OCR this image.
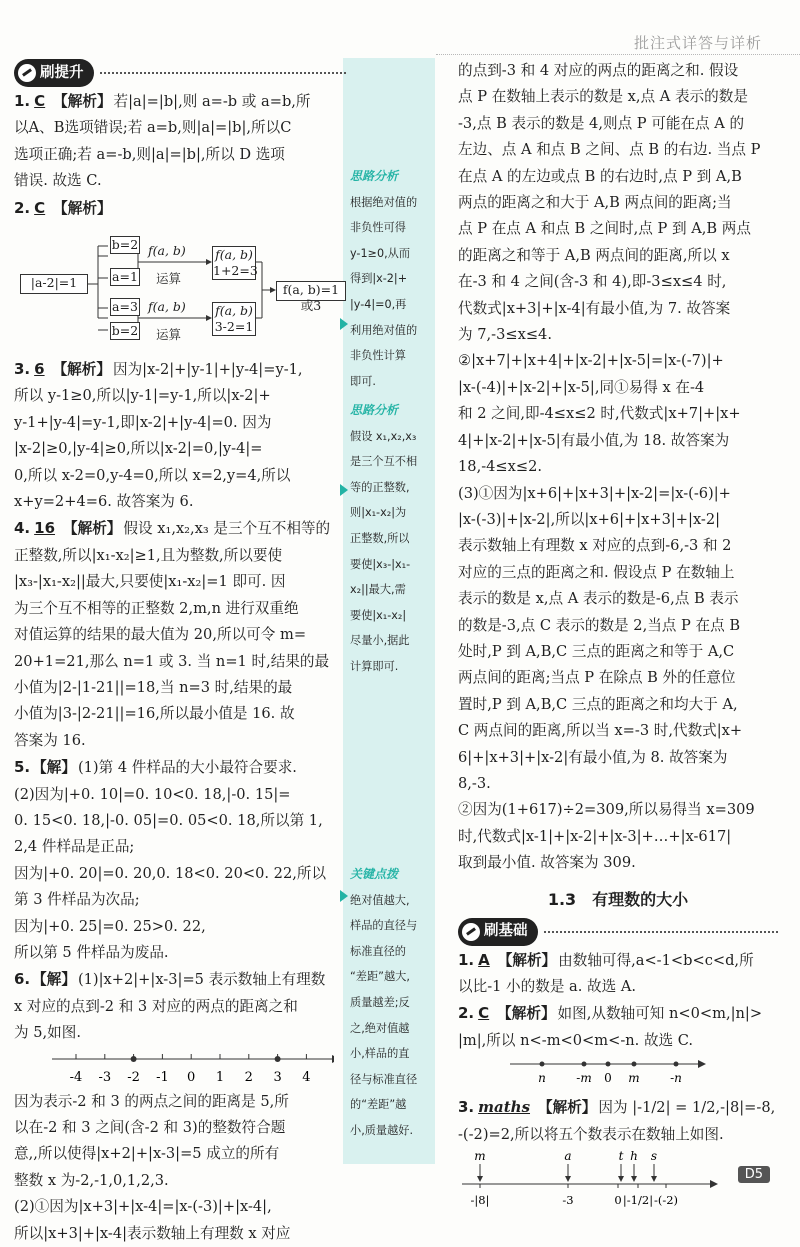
批注式详答与详析
思路分析
根据绝对值的
非负性可得
y-1≥0,从而
得到|x-2|+
|y-4|=0,再
利用绝对值的
非负性计算
即可.
思路分析
假设 x₁,x₂,x₃
是三个互不相
等的正整数,
则|x₁-x₂|为
正整数,所以
要使|x₃-|x₁-
x₂||最大,需
要使|x₁-x₂|
尽量小,据此
计算即可.
关键点拨
绝对值越大,
样品的直径与
标准直径的
“差距”越大,
质量越差;反
之,绝对值越
小,样品的直
径与标准直径
的“差距”越
小,质量越好.
刷提升
1. C 【解析】 若|a|=|b|,则 a=-b 或 a=b,所
以A、B选项错误;若 a=b,则|a|=|b|,所以C
选项正确;若 a=-b,则|a|=|b|,所以 D 选项
错误. 故选 C.
2. C 【解析】
|a-2|=1
b=2
a=1
a=3
b=2
f(a, b)
运算
f(a, b)
运算
f(a, b)
1+2=3
f(a, b)
3-2=1
f(a, b)=1或3
3. 6 【解析】 因为|x-2|+|y-1|+|y-4|=y-1,
所以 y-1≥0,所以|y-1|=y-1,所以|x-2|+
y-1+|y-4|=y-1,即|x-2|+|y-4|=0. 因为
|x-2|≥0,|y-4|≥0,所以|x-2|=0,|y-4|=
0,所以 x-2=0,y-4=0,所以 x=2,y=4,所以
x+y=2+4=6. 故答案为 6.
4. 16 【解析】 假设 x₁,x₂,x₃ 是三个互不相等的
正整数,所以|x₁-x₂|≥1,且为整数,所以要使
|x₃-|x₁-x₂||最大,只要使|x₁-x₂|=1 即可. 因
为三个互不相等的正整数 2,m,n 进行双重绝
对值运算的结果的最大值为 20,所以可令 m=
20+1=21,那么 n=1 或 3. 当 n=1 时,结果的最
小值为|2-|1-21||=18,当 n=3 时,结果的最
小值为|3-|2-21||=16,所以最小值是 16. 故
答案为 16.
5. 【解】 (1)第 4 件样品的大小最符合要求.
(2)因为|+0. 10|=0. 10<0. 18,|-0. 15|=
0. 15<0. 18,|-0. 05|=0. 05<0. 18,所以第 1,
2,4 件样品是正品;
因为|+0. 20|=0. 20,0. 18<0. 20<0. 22,所以
第 3 件样品为次品;
因为|+0. 25|=0. 25>0. 22,
所以第 5 件样品为废品.
6. 【解】 (1)|x+2|+|x-3|=5 表示数轴上有理数
x 对应的点到-2 和 3 对应的两点的距离之和
为 5,如图.
-4 -3 -2 -1 0 1 2 3 4
因为表示-2 和 3 的两点之间的距离是 5,所
以在-2 和 3 之间(含-2 和 3)的整数符合题
意,,所以使得|x+2|+|x-3|=5 成立的所有
整数 x 为-2,-1,0,1,2,3.
(2)①因为|x+3|+|x-4|=|x-(-3)|+|x-4|,
所以|x+3|+|x-4|表示数轴上有理数 x 对应
的点到-3 和 4 对应的两点的距离之和. 假设
点 P 在数轴上表示的数是 x,点 A 表示的数是
-3,点 B 表示的数是 4,则点 P 可能在点 A 的
左边、点 A 和点 B 之间、点 B 的右边. 当点 P
在点 A 的左边或点 B 的右边时,点 P 到 A,B
两点的距离之和大于 A,B 两点间的距离;当
点 P 在点 A 和点 B 之间时,点 P 到 A,B 两点
的距离之和等于 A,B 两点间的距离,所以 x
在-3 和 4 之间(含-3 和 4),即-3≤x≤4 时,
代数式|x+3|+|x-4|有最小值,为 7. 故答案
为 7,-3≤x≤4.
②|x+7|+|x+4|+|x-2|+|x-5|=|x-(-7)|+
|x-(-4)|+|x-2|+|x-5|,同①易得 x 在-4
和 2 之间,即-4≤x≤2 时,代数式|x+7|+|x+
4|+|x-2|+|x-5|有最小值,为 18. 故答案为
18,-4≤x≤2.
(3)①因为|x+6|+|x+3|+|x-2|=|x-(-6)|+
|x-(-3)|+|x-2|,所以|x+6|+|x+3|+|x-2|
表示数轴上有理数 x 对应的点到-6,-3 和 2
对应的三点的距离之和. 假设点 P 在数轴上
表示的数是 x,点 A 表示的数是-6,点 B 表示
的数是-3,点 C 表示的数是 2,当点 P 在点 B
处时,P 到 A,B,C 三点的距离之和等于 A,C
两点间的距离;当点 P 在除点 B 外的任意位
置时,P 到 A,B,C 三点的距离之和均大于 A,
C 两点间的距离,所以当 x=-3 时,代数式|x+
6|+|x+3|+|x-2|有最小值,为 8. 故答案为
8,-3.
②因为(1+617)÷2=309,所以易得当 x=309
时,代数式|x-1|+|x-2|+|x-3|+…+|x-617|
取到最小值. 故答案为 309.
1.3　有理数的大小
刷基础
1. A 【解析】 由数轴可得,a<-1<b<c<d,所
以比-1 小的数是 a. 故选 A.
2. C 【解析】 如图,从数轴可知 n<0<m,|n|>
|m|,所以 n<-m<0<m<-n. 故选 C.
n	-m 0 m	-n
3. maths 【解析】 因为 |-1/2| = 1/2,-|8|=-8,
-(-2)=2,所以将五个数表示在数轴上如图.
m	a	t h s
-|8|	-3	0 |-1/2| -(-2)
D5
